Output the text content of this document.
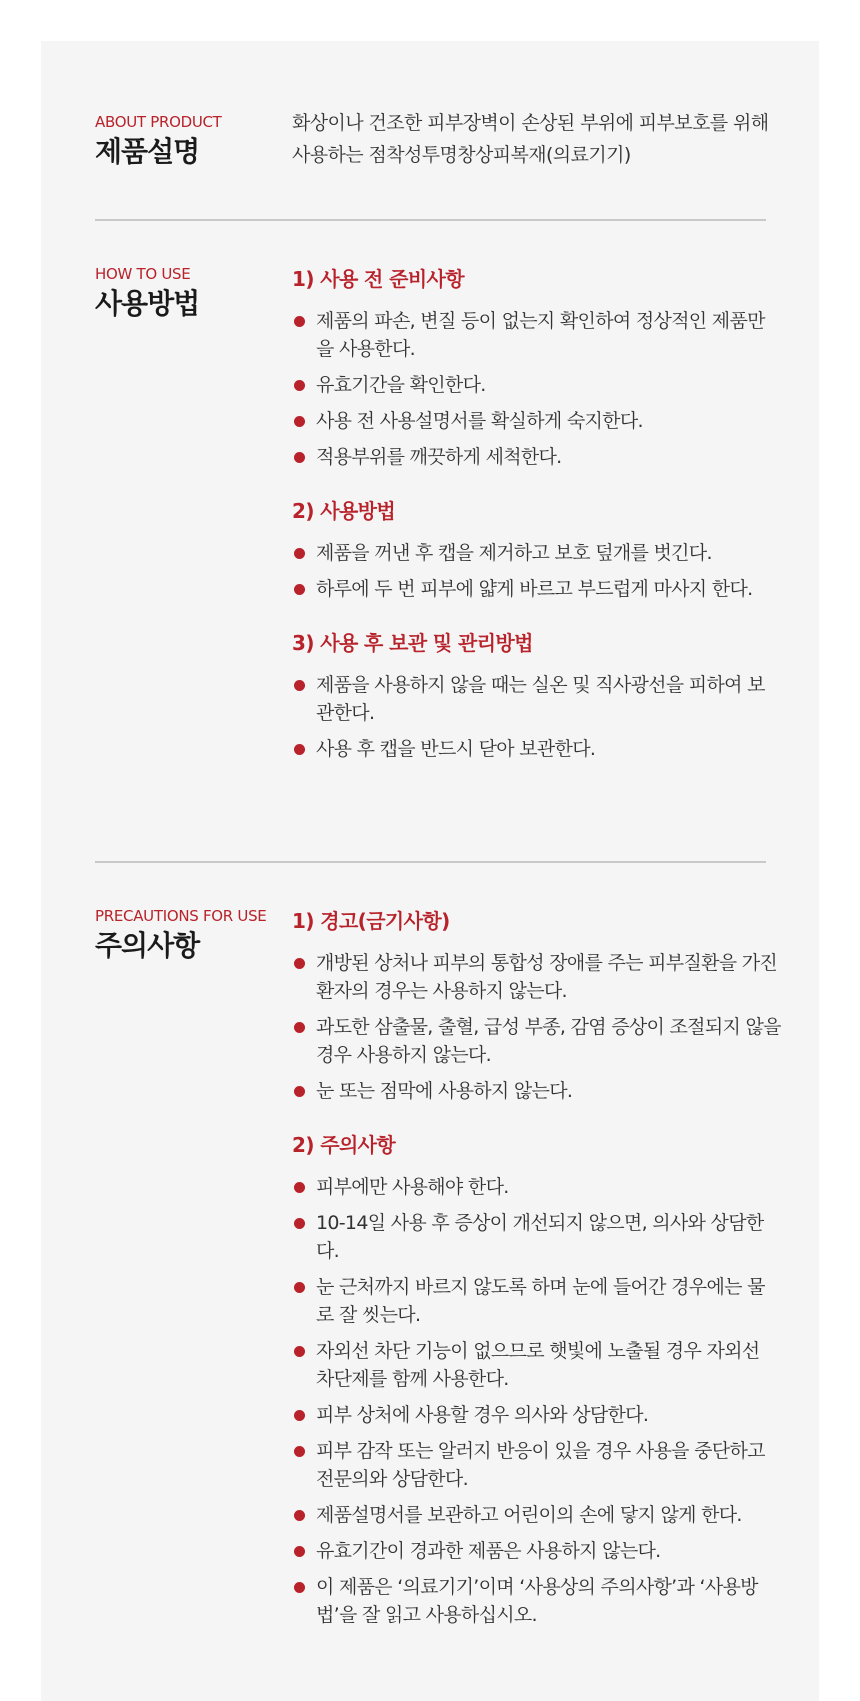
ABOUT PRODUCT
제품설명
화상이나 건조한 피부장벽이 손상된 부위에 피부보호를 위해 사용하는 점착성투명창상피복재(의료기기)
HOW TO USE
사용방법
1) 사용 전 준비사항
제품의 파손, 변질 등이 없는지 확인하여 정상적인 제품만을 사용한다.
유효기간을 확인한다.
사용 전 사용설명서를 확실하게 숙지한다.
적용부위를 깨끗하게 세척한다.
2) 사용방법
제품을 꺼낸 후 캡을 제거하고 보호 덮개를 벗긴다.
하루에 두 번 피부에 얇게 바르고 부드럽게 마사지 한다.
3) 사용 후 보관 및 관리방법
제품을 사용하지 않을 때는 실온 및 직사광선을 피하여 보관한다.
사용 후 캡을 반드시 닫아 보관한다.
PRECAUTIONS FOR USE
주의사항
1) 경고(금기사항)
개방된 상처나 피부의 통합성 장애를 주는 피부질환을 가진 환자의 경우는 사용하지 않는다.
과도한 삼출물, 출혈, 급성 부종, 감염 증상이 조절되지 않을 경우 사용하지 않는다.
눈 또는 점막에 사용하지 않는다.
2) 주의사항
피부에만 사용해야 한다.
10-14일 사용 후 증상이 개선되지 않으면, 의사와 상담한다.
눈 근처까지 바르지 않도록 하며 눈에 들어간 경우에는 물로 잘 씻는다.
자외선 차단 기능이 없으므로 햇빛에 노출될 경우 자외선 차단제를 함께 사용한다.
피부 상처에 사용할 경우 의사와 상담한다.
피부 감작 또는 알러지 반응이 있을 경우 사용을 중단하고 전문의와 상담한다.
제품설명서를 보관하고 어린이의 손에 닿지 않게 한다.
유효기간이 경과한 제품은 사용하지 않는다.
이 제품은 ‘의료기기’이며 ‘사용상의 주의사항’과 ‘사용방법’을 잘 읽고 사용하십시오.
